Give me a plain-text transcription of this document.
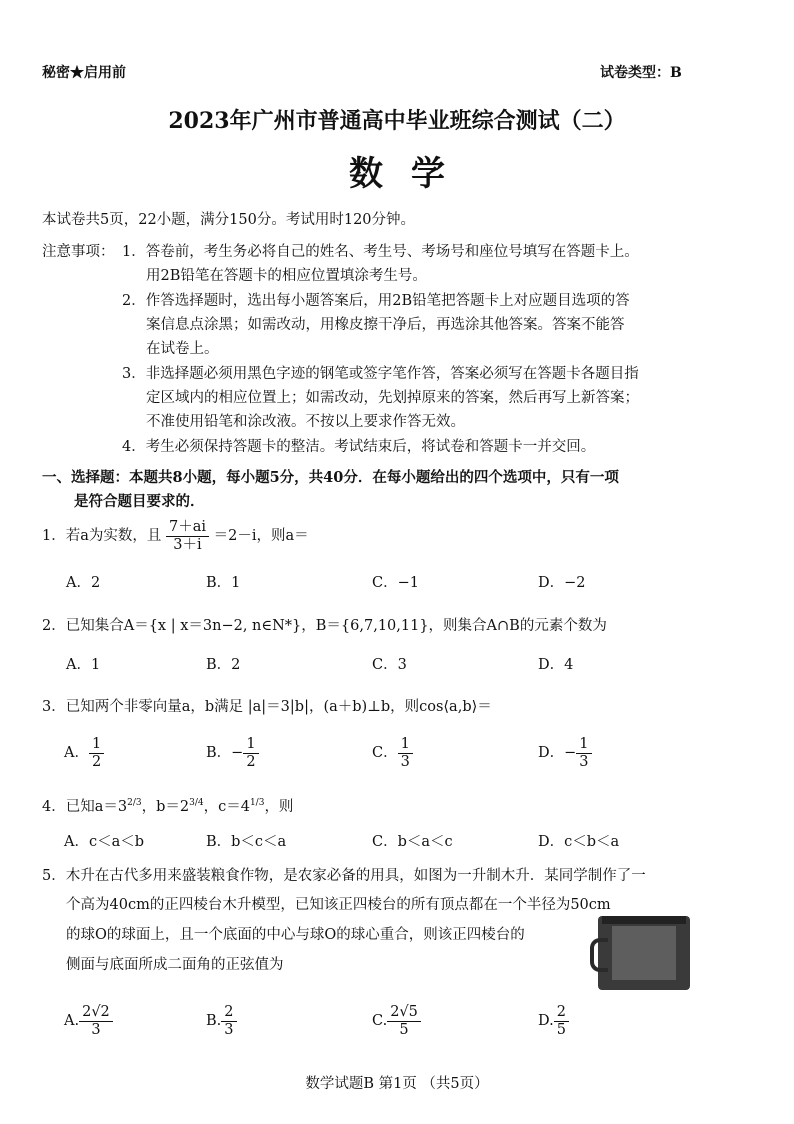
秘密★启用前	试卷类型：B
2023年广州市普通高中毕业班综合测试（二）
数学
本试卷共5页，22小题，满分150分。考试用时120分钟。
注意事项： 1．答卷前，考生务必将自己的姓名、考生号、考场号和座位号填写在答题卡上。
用2B铅笔在答题卡的相应位置填涂考生号。
2．作答选择题时，选出每小题答案后，用2B铅笔把答题卡上对应题目选项的答
案信息点涂黑；如需改动，用橡皮擦干净后，再选涂其他答案。答案不能答
在试卷上。
3．非选择题必须用黑色字迹的钢笔或签字笔作答，答案必须写在答题卡各题目指
定区域内的相应位置上；如需改动，先划掉原来的答案，然后再写上新答案；
不准使用铅笔和涂改液。不按以上要求作答无效。
4．考生必须保持答题卡的整洁。考试结束后，将试卷和答题卡一并交回。
一、选择题：本题共8小题，每小题5分，共40分．在每小题给出的四个选项中，只有一项
是符合题目要求的．
1．若a为实数，且 $\frac{7+ai}{3+i} =2-i$，则a＝
A．2	B．1	C．−1	D．−2
2．已知集合A＝{x | x＝3n−2, n∈N*}，B＝{6,7,10,11}，则集合A∩B的元素个数为
A．1	B．2	C．3	D．4
3．已知两个非零向量a，b满足 |a|＝3|b|，(a＋b)⊥b，则cos⟨a,b⟩＝
A． $\frac{1}{2}$	B．− $\frac{1}{2}$	C． $\frac{1}{3}$	D．− $\frac{1}{3}$
4．已知$a=3^{2/3}$，$b=2^{3/4}$，$c=4^{1/3}$，则
A．c＜a＜b	B．b＜c＜a	C．b＜a＜c	D．c＜b＜a
5．木升在古代多用来盛装粮食作物，是农家必备的用具，如图为一升制木升．某同学制作了一
个高为40cm的正四棱台木升模型，已知该正四棱台的所有顶点都在一个半径为50cm
的球O的球面上，且一个底面的中心与球O的球心重合，则该正四棱台的
侧面与底面所成二面角的正弦值为
A. $\frac{2√2}{3}$	B. $\frac{2}{3}$	C. $\frac{2√5}{5}$	D. $\frac{2}{5}$
数学试题B 第1页 （共5页）
